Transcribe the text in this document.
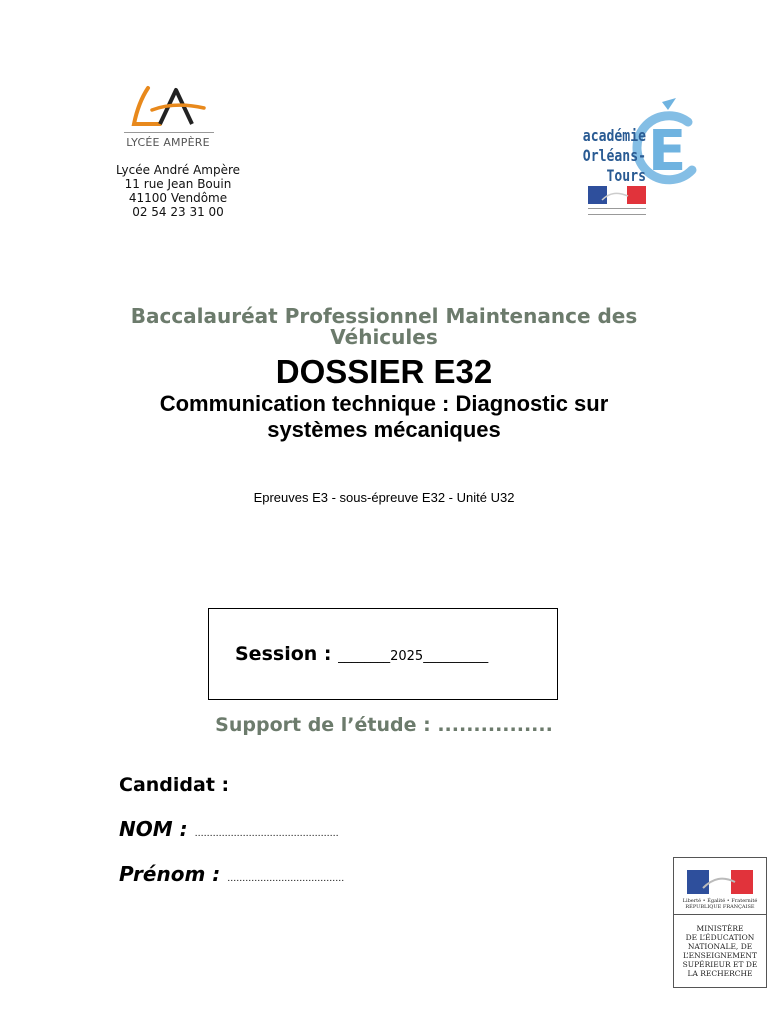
LYCÉE AMPÈRE
Lycée André Ampère
11 rue Jean Bouin
41100 Vendôme
02 54 23 31 00
E
académie
Orléans-Tours
Baccalauréat Professionnel Maintenance des Véhicules
DOSSIER E32
Communication technique : Diagnostic sur systèmes mécaniques
Epreuves E3 - sous-épreuve E32 - Unité U32
Session : ________2025__________
Support de l’étude : ................
Candidat :
NOM : …………………………………………
Prénom : …………………………………
Liberté • Égalité • Fraternité
RÉPUBLIQUE FRANÇAISE
MINISTÈRE
DE L’ÉDUCATION
NATIONALE, DE
L’ENSEIGNEMENT
SUPÉRIEUR ET DE
LA RECHERCHE
